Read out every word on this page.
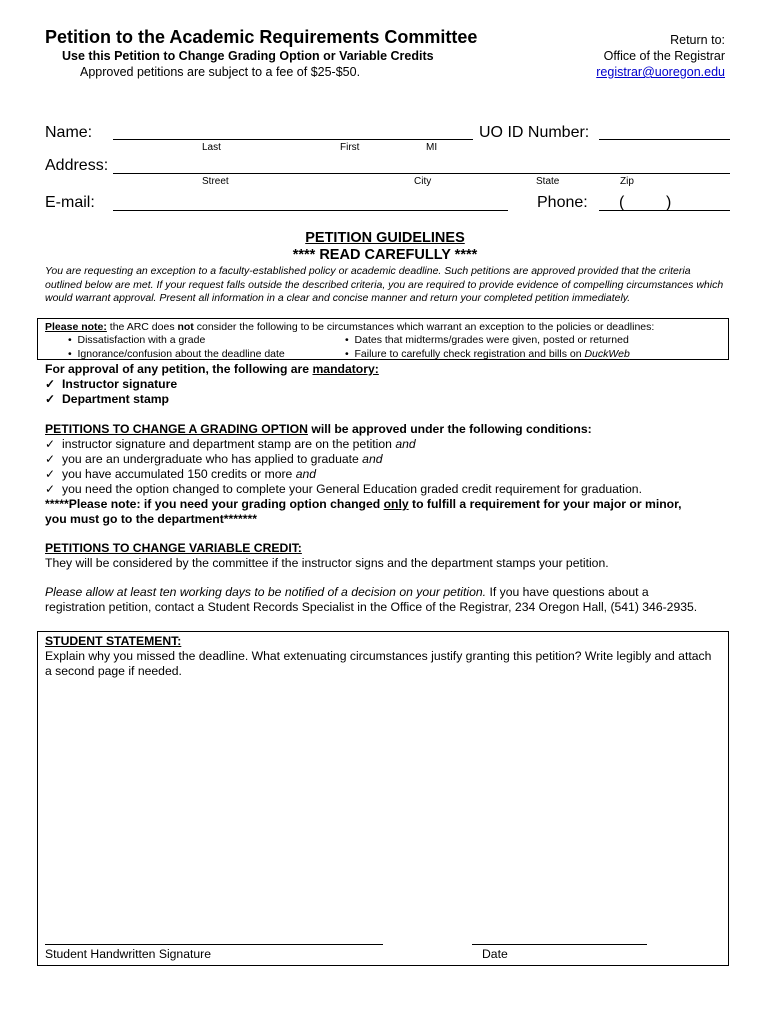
Petition to the Academic Requirements Committee
Use this Petition to Change Grading Option or Variable Credits
Approved petitions are subject to a fee of $25-$50.
Return to:
Office of the Registrar
registrar@uoregon.edu
Name:
Last	First	MI
UO ID Number:
Address:
Street	City	State	Zip
E-mail:	Phone: (	)
PETITION GUIDELINES
**** READ CAREFULLY ****
You are requesting an exception to a faculty-established policy or academic deadline. Such petitions are approved provided that the criteria outlined below are met. If your request falls outside the described criteria, you are required to provide evidence of compelling circumstances which would warrant approval. Present all information in a clear and concise manner and return your completed petition immediately.
Please note: the ARC does not consider the following to be circumstances which warrant an exception to the policies or deadlines:
•  Dissatisfaction with a grade
•  Ignorance/confusion about the deadline date
•  Dates that midterms/grades were given, posted or returned
•  Failure to carefully check registration and bills on DuckWeb
For approval of any petition, the following are mandatory:
✓ Instructor signature
✓ Department stamp
PETITIONS TO CHANGE A GRADING OPTION will be approved under the following conditions:
✓ instructor signature and department stamp are on the petition and
✓ you are an undergraduate who has applied to graduate and
✓ you have accumulated 150 credits or more and
✓ you need the option changed to complete your General Education graded credit requirement for graduation.
*****Please note: if you need your grading option changed only to fulfill a requirement for your major or minor,
you must go to the department*******
PETITIONS TO CHANGE VARIABLE CREDIT:
They will be considered by the committee if the instructor signs and the department stamps your petition.
Please allow at least ten working days to be notified of a decision on your petition. If you have questions about a
registration petition, contact a Student Records Specialist in the Office of the Registrar, 234 Oregon Hall, (541) 346-2935.
STUDENT STATEMENT:
Explain why you missed the deadline. What extenuating circumstances justify granting this petition? Write legibly and attach a second page if needed.
Student Handwritten Signature	Date
